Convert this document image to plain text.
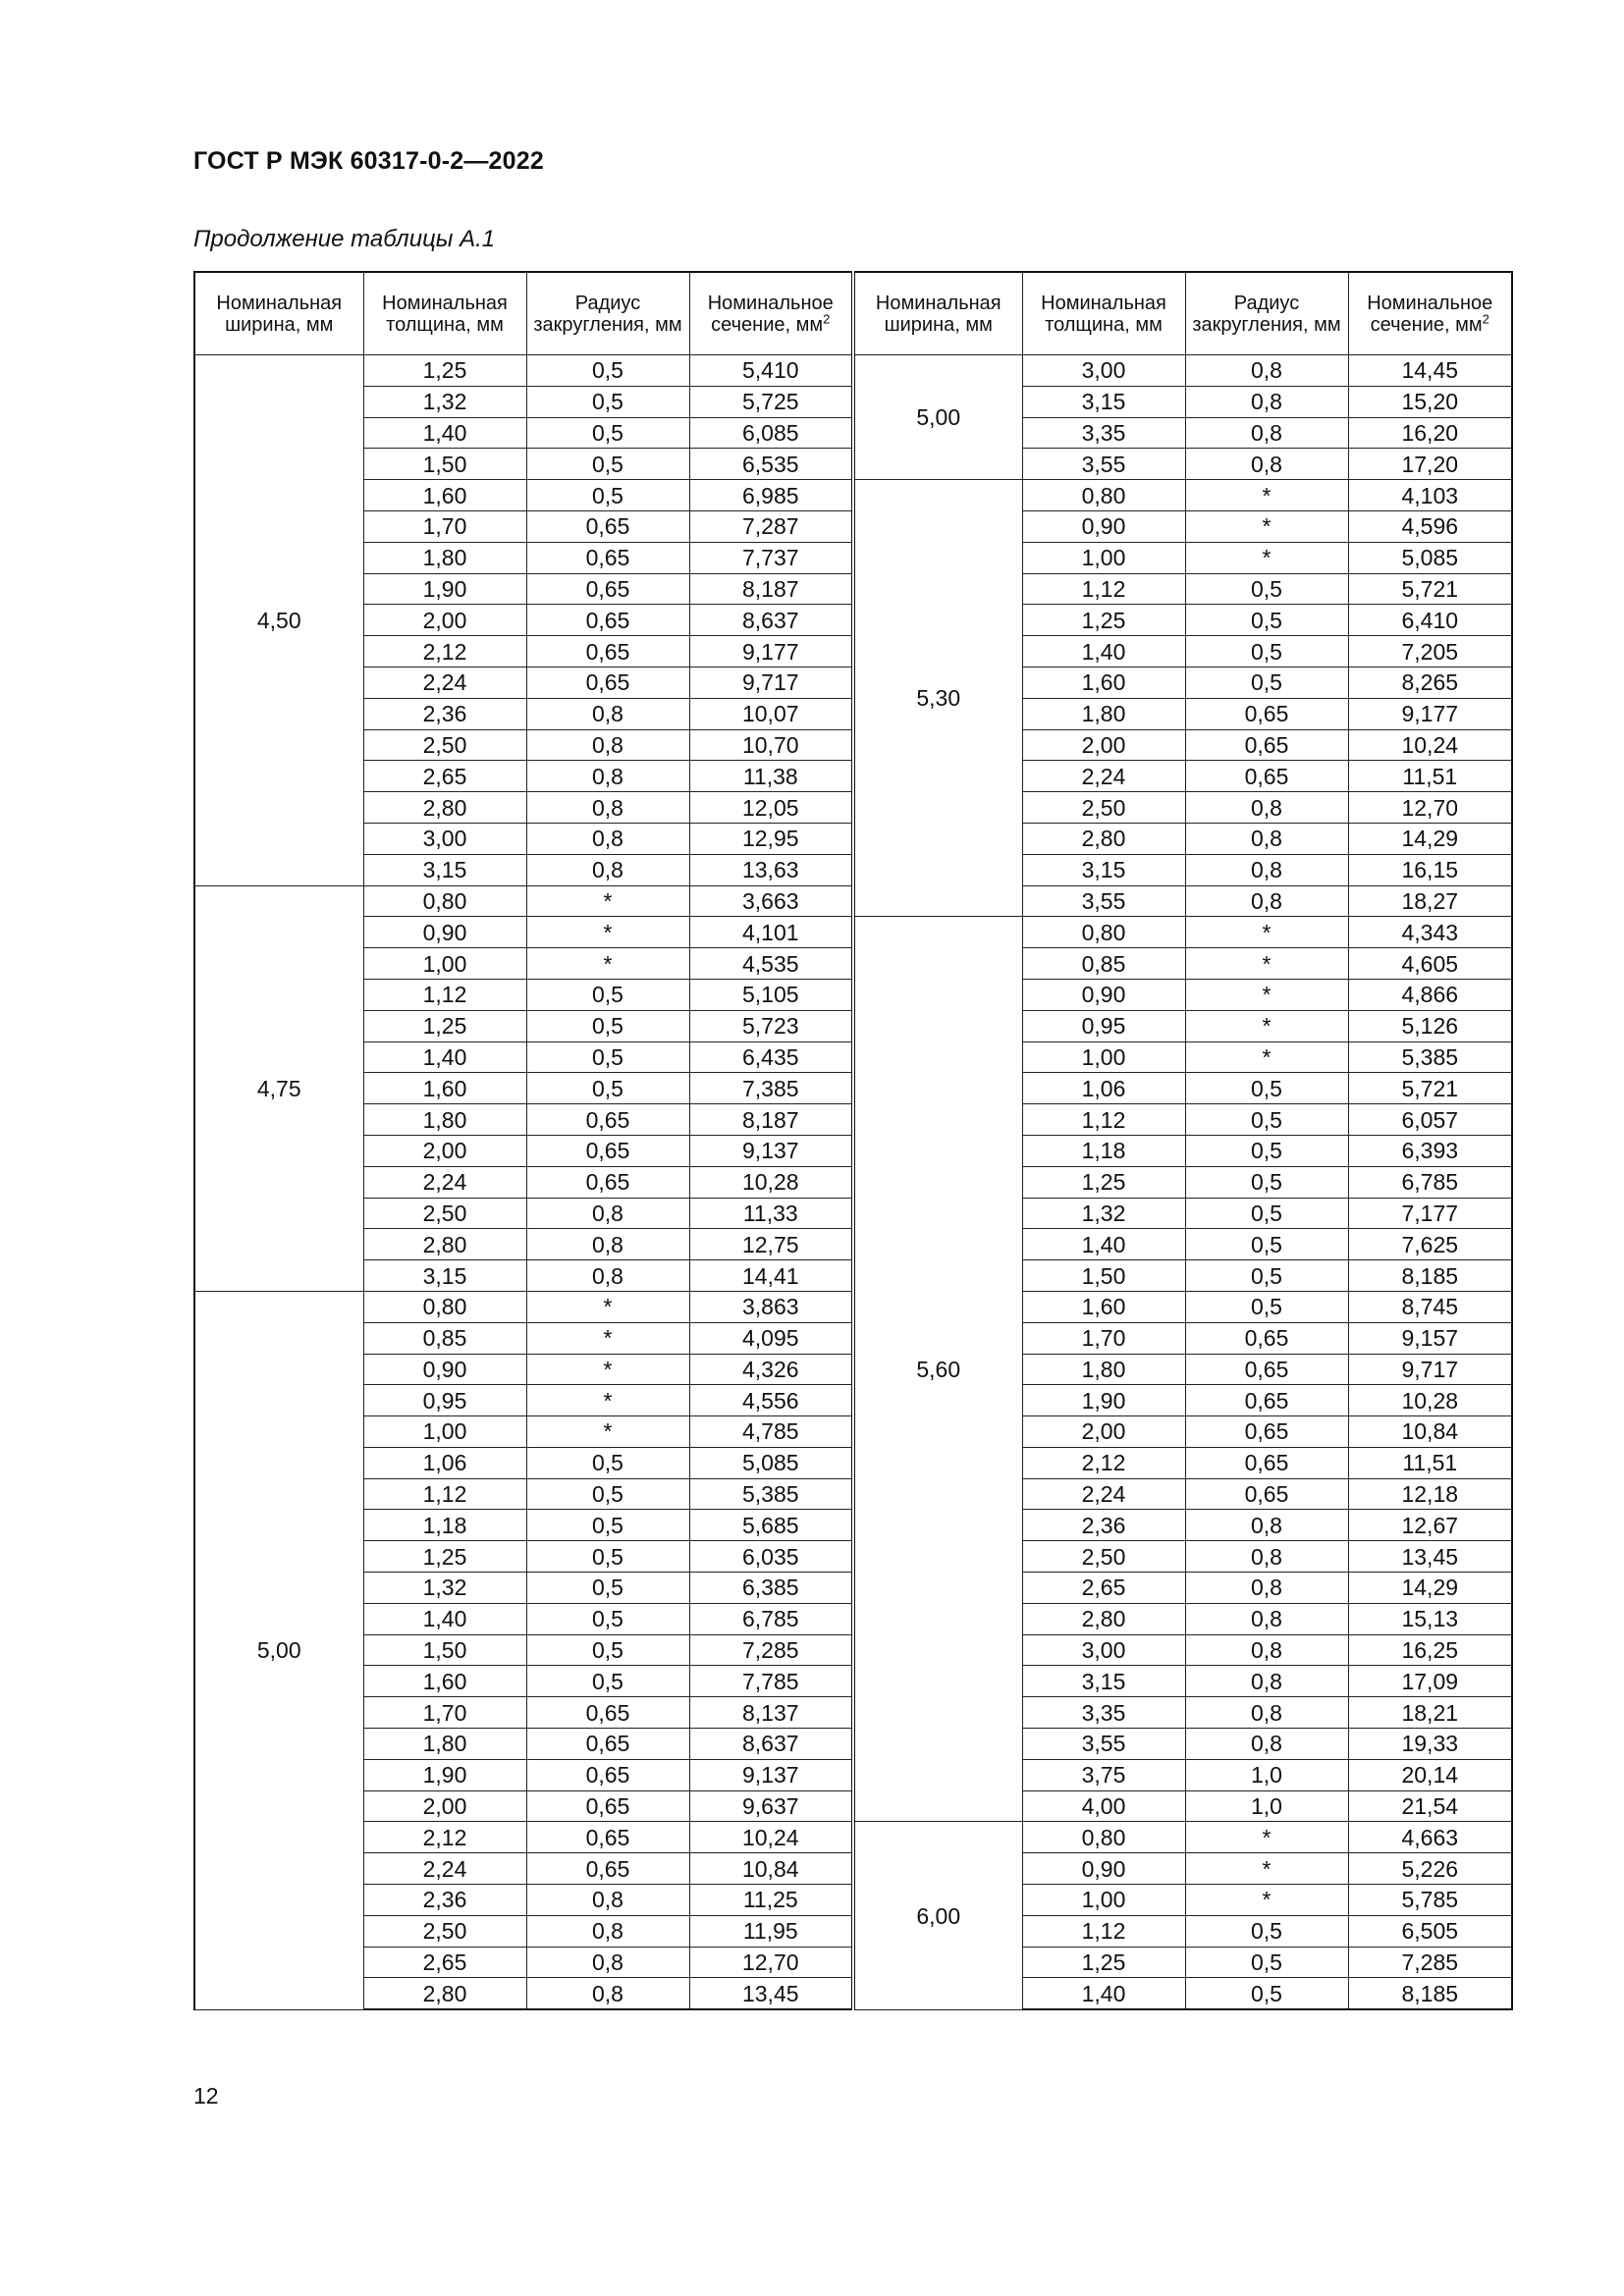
ГОСТ Р МЭК 60317-0-2—2022
Продолжение таблицы А.1
Номинальная ширина, мм	Номинальная толщина, мм	Радиус закругления, мм	Номинальное сечение, $мм^2$	Номинальная ширина, мм	Номинальная толщина, мм	Радиус закругления, мм	Номинальное сечение, $мм^2$
4,50	1,25	0,5	5,410	5,00	3,00	0,8	14,45
	1,32	0,5	5,725		3,15	0,8	15,20
	1,40	0,5	6,085		3,35	0,8	16,20
	1,50	0,5	6,535		3,55	0,8	17,20
	1,60	0,5	6,985	5,30	0,80	*	4,103
	1,70	0,65	7,287		0,90	*	4,596
	1,80	0,65	7,737		1,00	*	5,085
	1,90	0,65	8,187		1,12	0,5	5,721
	2,00	0,65	8,637		1,25	0,5	6,410
	2,12	0,65	9,177		1,40	0,5	7,205
	2,24	0,65	9,717		1,60	0,5	8,265
	2,36	0,8	10,07		1,80	0,65	9,177
	2,50	0,8	10,70		2,00	0,65	10,24
	2,65	0,8	11,38		2,24	0,65	11,51
	2,80	0,8	12,05		2,50	0,8	12,70
	3,00	0,8	12,95		2,80	0,8	14,29
	3,15	0,8	13,63		3,15	0,8	16,15
4,75	0,80	*	3,663		3,55	0,8	18,27
	0,90	*	4,101	5,60	0,80	*	4,343
	1,00	*	4,535		0,85	*	4,605
	1,12	0,5	5,105		0,90	*	4,866
	1,25	0,5	5,723		0,95	*	5,126
	1,40	0,5	6,435		1,00	*	5,385
	1,60	0,5	7,385		1,06	0,5	5,721
	1,80	0,65	8,187		1,12	0,5	6,057
	2,00	0,65	9,137		1,18	0,5	6,393
	2,24	0,65	10,28		1,25	0,5	6,785
	2,50	0,8	11,33		1,32	0,5	7,177
	2,80	0,8	12,75		1,40	0,5	7,625
	3,15	0,8	14,41		1,50	0,5	8,185
5,00	0,80	*	3,863		1,60	0,5	8,745
	0,85	*	4,095		1,70	0,65	9,157
	0,90	*	4,326		1,80	0,65	9,717
	0,95	*	4,556		1,90	0,65	10,28
	1,00	*	4,785		2,00	0,65	10,84
	1,06	0,5	5,085		2,12	0,65	11,51
	1,12	0,5	5,385		2,24	0,65	12,18
	1,18	0,5	5,685		2,36	0,8	12,67
	1,25	0,5	6,035		2,50	0,8	13,45
	1,32	0,5	6,385		2,65	0,8	14,29
	1,40	0,5	6,785		2,80	0,8	15,13
	1,50	0,5	7,285		3,00	0,8	16,25
	1,60	0,5	7,785		3,15	0,8	17,09
	1,70	0,65	8,137		3,35	0,8	18,21
	1,80	0,65	8,637		3,55	0,8	19,33
	1,90	0,65	9,137		3,75	1,0	20,14
	2,00	0,65	9,637		4,00	1,0	21,54
	2,12	0,65	10,24	6,00	0,80	*	4,663
	2,24	0,65	10,84		0,90	*	5,226
	2,36	0,8	11,25		1,00	*	5,785
	2,50	0,8	11,95		1,12	0,5	6,505
	2,65	0,8	12,70		1,25	0,5	7,285
	2,80	0,8	13,45		1,40	0,5	8,185
12
